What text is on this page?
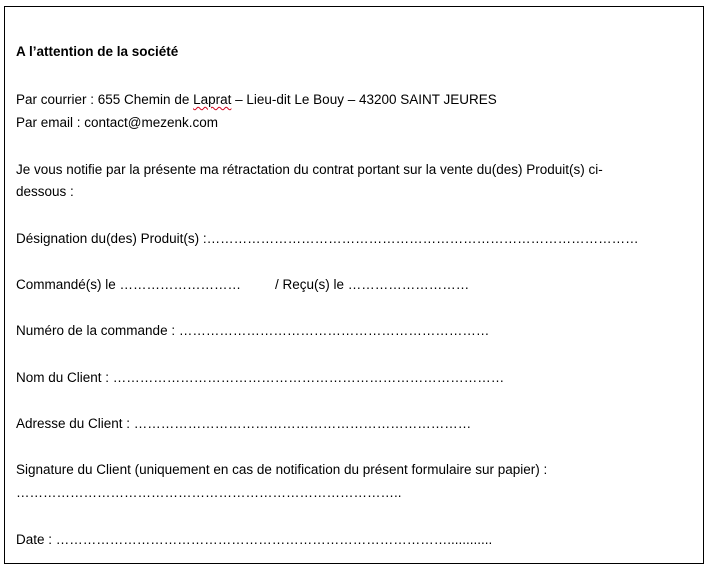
A l’attention de la société

Par courrier : 655 Chemin de Laprat – Lieu-dit Le Bouy – 43200 SAINT JEURES

Par email : contact@mezenk.com

Je vous notifie par la présente ma rétractation du contrat portant sur la vente du(des) Produit(s) ci-

dessous :

Désignation du(des) Produit(s) :……………………………………………………………………………………

Commandé(s) le ………………………	/ Reçu(s) le ………………………

Numéro de la commande : ……………………………………………………………

Nom du Client : ……………………………………………………………………………

Adresse du Client : …………………………………………………………………

Signature du Client (uniquement en cas de notification du présent formulaire sur papier) :

…………………………………………………………………………..

Date : ……………………………………………………………………………............
